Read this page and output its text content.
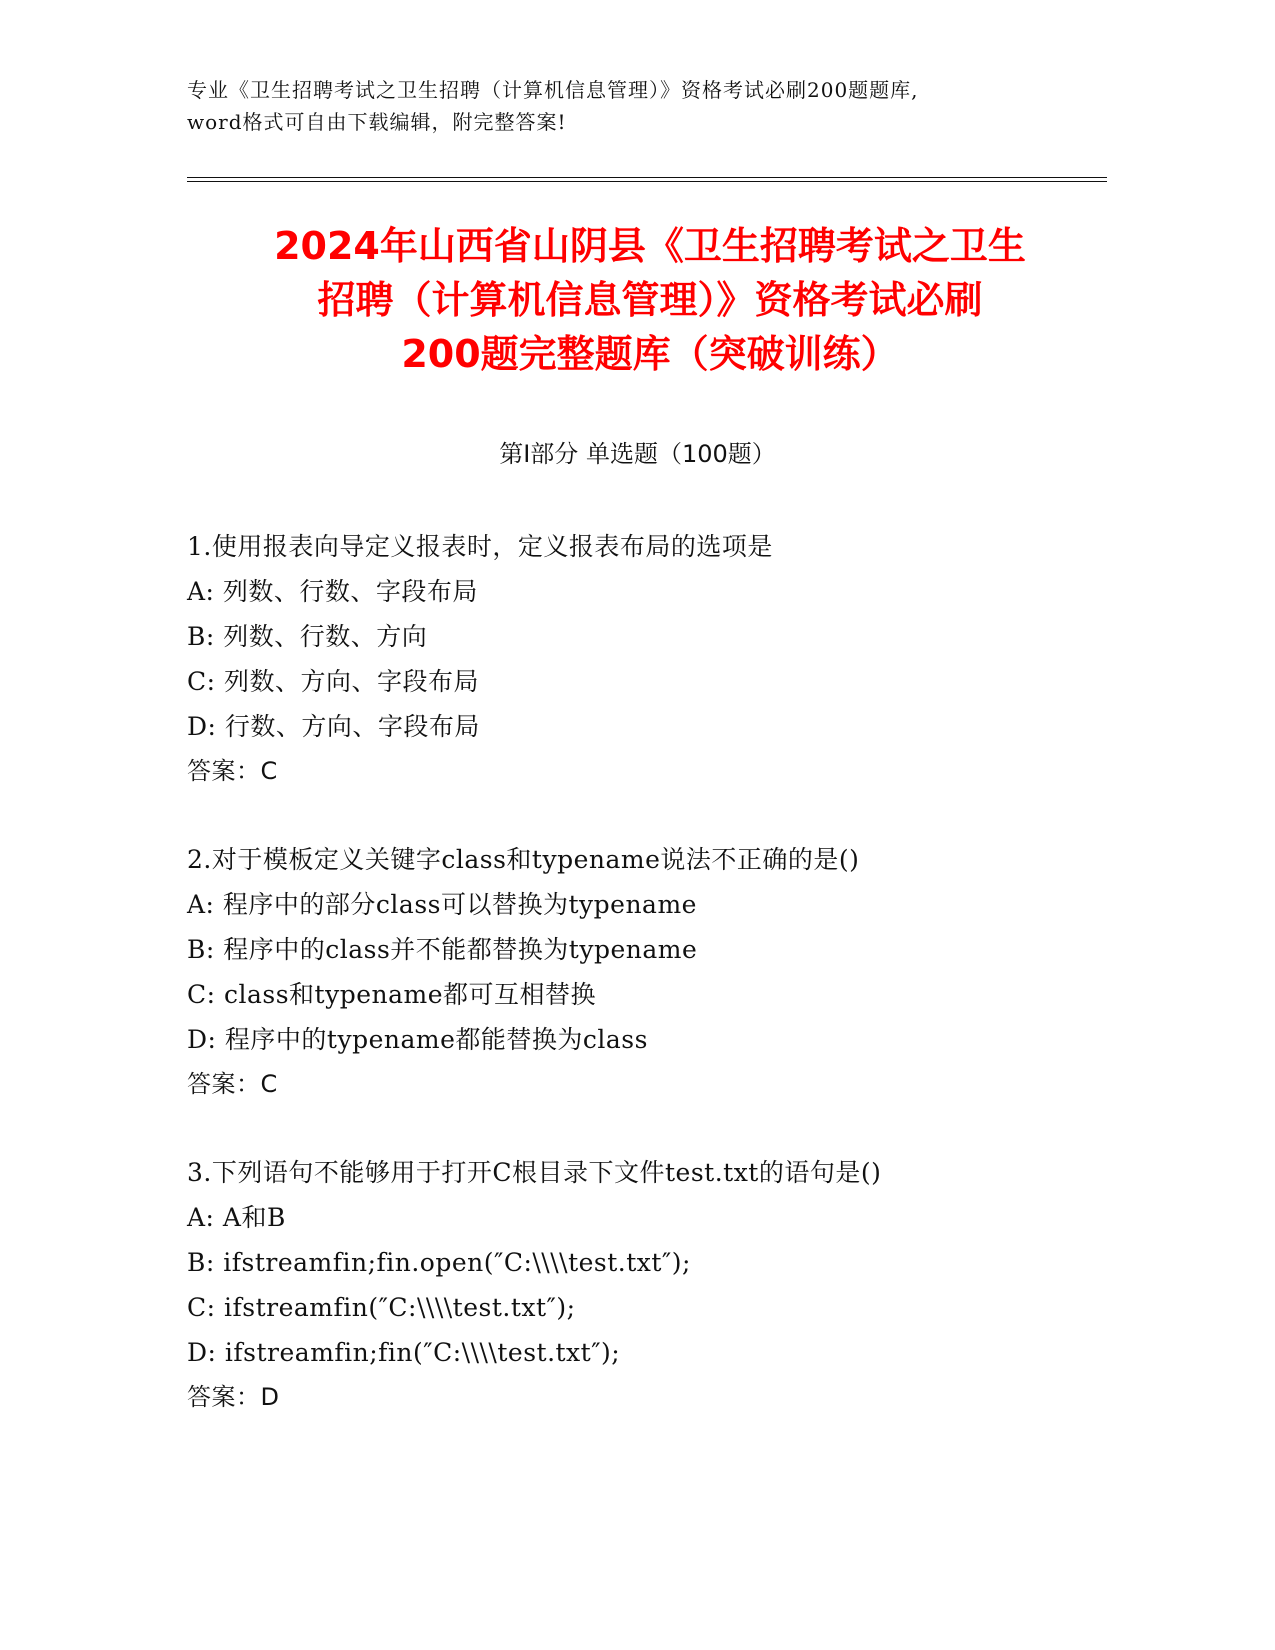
专业《卫生招聘考试之卫生招聘（计算机信息管理）》资格考试必刷200题题库,
word格式可自由下载编辑，附完整答案!
2024年山西省山阴县《卫生招聘考试之卫生
招聘（计算机信息管理）》资格考试必刷
200题完整题库（突破训练）
第Ⅰ部分 单选题（100题）
1.使用报表向导定义报表时，定义报表布局的选项是
A: 列数、行数、字段布局
B: 列数、行数、方向
C: 列数、方向、字段布局
D: 行数、方向、字段布局
答案：C
2.对于模板定义关键字class和typename说法不正确的是()
A: 程序中的部分class可以替换为typename
B: 程序中的class并不能都替换为typename
C: class和typename都可互相替换
D: 程序中的typename都能替换为class
答案：C
3.下列语句不能够用于打开C根目录下文件test.txt的语句是()
A: A和B
B: ifstreamfin;fin.open(″C:\\\\test.txt″);
C: ifstreamfin(″C:\\\\test.txt″);
D: ifstreamfin;fin(″C:\\\\test.txt″);
答案：D
